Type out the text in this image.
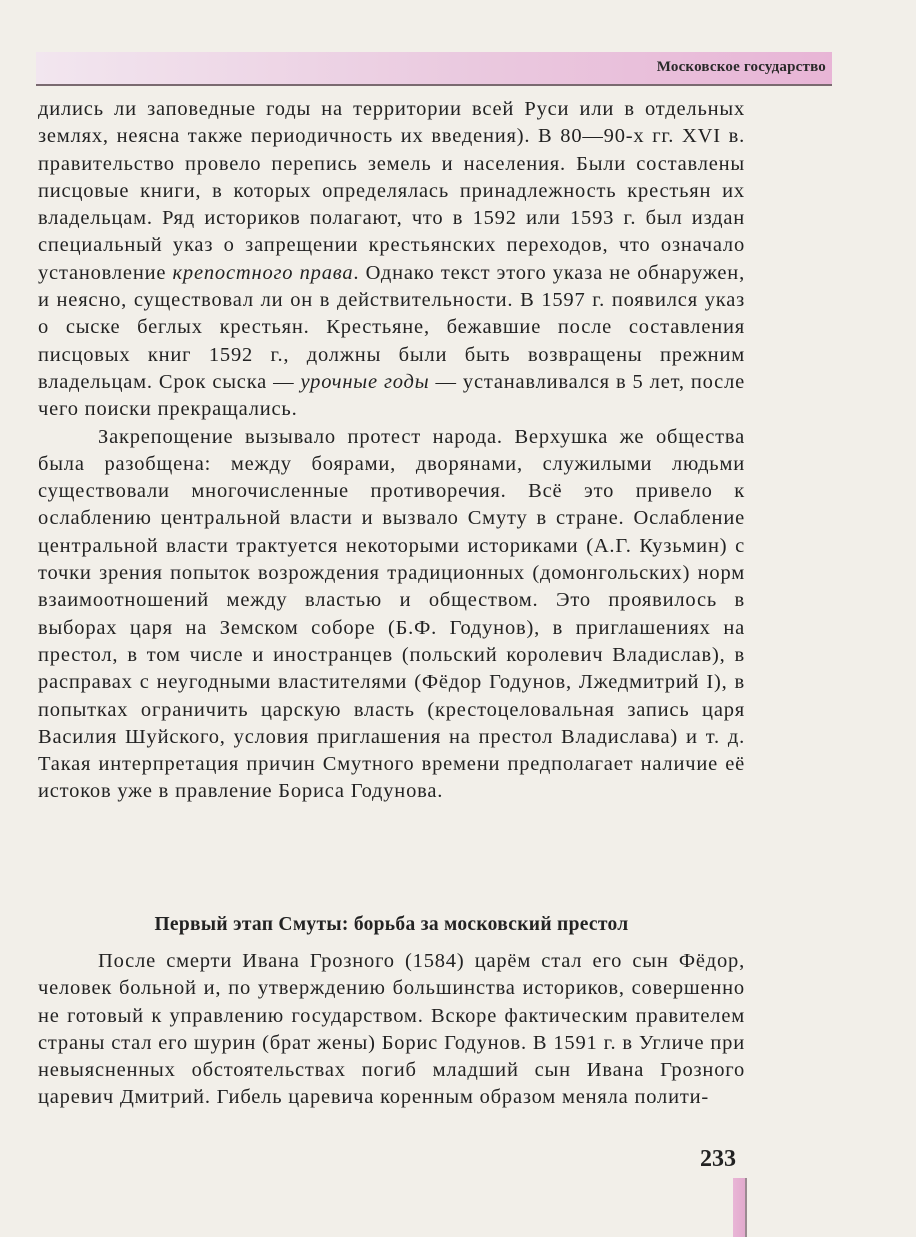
Московское государство

дились ли заповедные годы на территории всей Руси или в отдельных землях, неясна также периодичность их введения). В 80—90-х гг. XVI в. правительство провело перепись земель и населения. Были составлены писцовые книги, в которых определялась принадлежность крестьян их владельцам. Ряд историков полагают, что в 1592 или 1593 г. был издан специальный указ о запрещении крестьянских переходов, что означало установление крепостного права. Однако текст этого указа не обнаружен, и неясно, существовал ли он в действительности. В 1597 г. появился указ о сыске беглых крестьян. Крестьяне, бежавшие после составления писцовых книг 1592 г., должны были быть возвращены прежним владельцам. Срок сыска — урочные годы — устанавливался в 5 лет, после чего поиски прекращались.

Закрепощение вызывало протест народа. Верхушка же общества была разобщена: между боярами, дворянами, служилыми людьми существовали многочисленные противоречия. Всё это привело к ослаблению центральной власти и вызвало Смуту в стране. Ослабление центральной власти трактуется некоторыми историками (А.Г. Кузьмин) с точки зрения попыток возрождения традиционных (домонгольских) норм взаимоотношений между властью и обществом. Это проявилось в выборах царя на Земском соборе (Б.Ф. Годунов), в приглашениях на престол, в том числе и иностранцев (польский королевич Владислав), в расправах с неугодными властителями (Фёдор Годунов, Лжедмитрий I), в попытках ограничить царскую власть (крестоцеловальная запись царя Василия Шуйского, условия приглашения на престол Владислава) и т. д. Такая интерпретация причин Смутного времени предполагает наличие её истоков уже в правление Бориса Годунова.

Первый этап Смуты: борьба за московский престол

После смерти Ивана Грозного (1584) царём стал его сын Фёдор, человек больной и, по утверждению большинства историков, совершенно не готовый к управлению государством. Вскоре фактическим правителем страны стал его шурин (брат жены) Борис Годунов. В 1591 г. в Угличе при невыясненных обстоятельствах погиб младший сын Ивана Грозного царевич Дмитрий. Гибель царевича коренным образом меняла полити-

233
